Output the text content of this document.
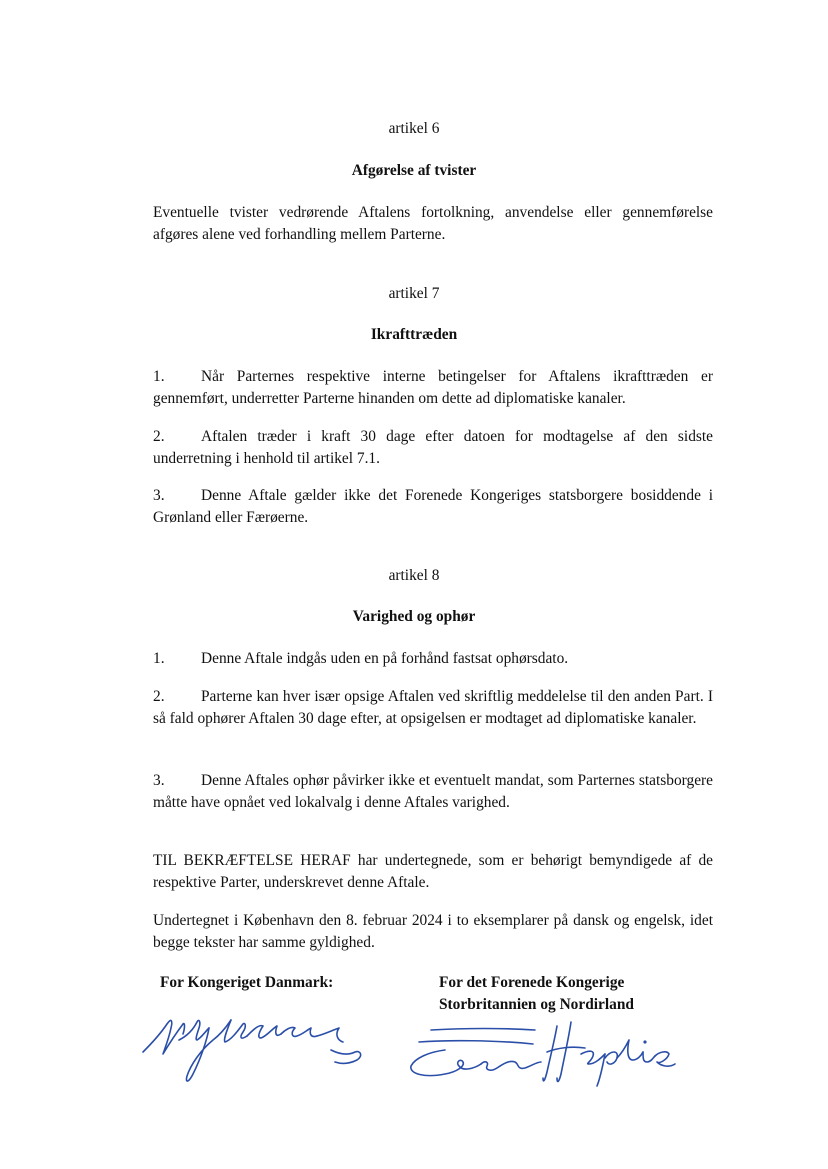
artikel 6

Afgørelse af tvister

Eventuelle tvister vedrørende Aftalens fortolkning, anvendelse eller gennemførelse afgøres alene ved forhandling mellem Parterne.

artikel 7

Ikrafttræden

1. Når Parternes respektive interne betingelser for Aftalens ikrafttræden er gennemført, underretter Parterne hinanden om dette ad diplomatiske kanaler.

2. Aftalen træder i kraft 30 dage efter datoen for modtagelse af den sidste underretning i henhold til artikel 7.1.

3. Denne Aftale gælder ikke det Forenede Kongeriges statsborgere bosiddende i Grønland eller Færøerne.

artikel 8

Varighed og ophør

1. Denne Aftale indgås uden en på forhånd fastsat ophørsdato.

2. Parterne kan hver især opsige Aftalen ved skriftlig meddelelse til den anden Part. I så fald ophører Aftalen 30 dage efter, at opsigelsen er modtaget ad diplomatiske kanaler.

3. Denne Aftales ophør påvirker ikke et eventuelt mandat, som Parternes statsborgere måtte have opnået ved lokalvalg i denne Aftales varighed.

TIL BEKRÆFTELSE HERAF har undertegnede, som er behørigt bemyndigede af de respektive Parter, underskrevet denne Aftale.

Undertegnet i København den 8. februar 2024 i to eksemplarer på dansk og engelsk, idet begge tekster har samme gyldighed.

For Kongeriget Danmark:	For det Forenede Kongerige

Storbritannien og Nordirland
